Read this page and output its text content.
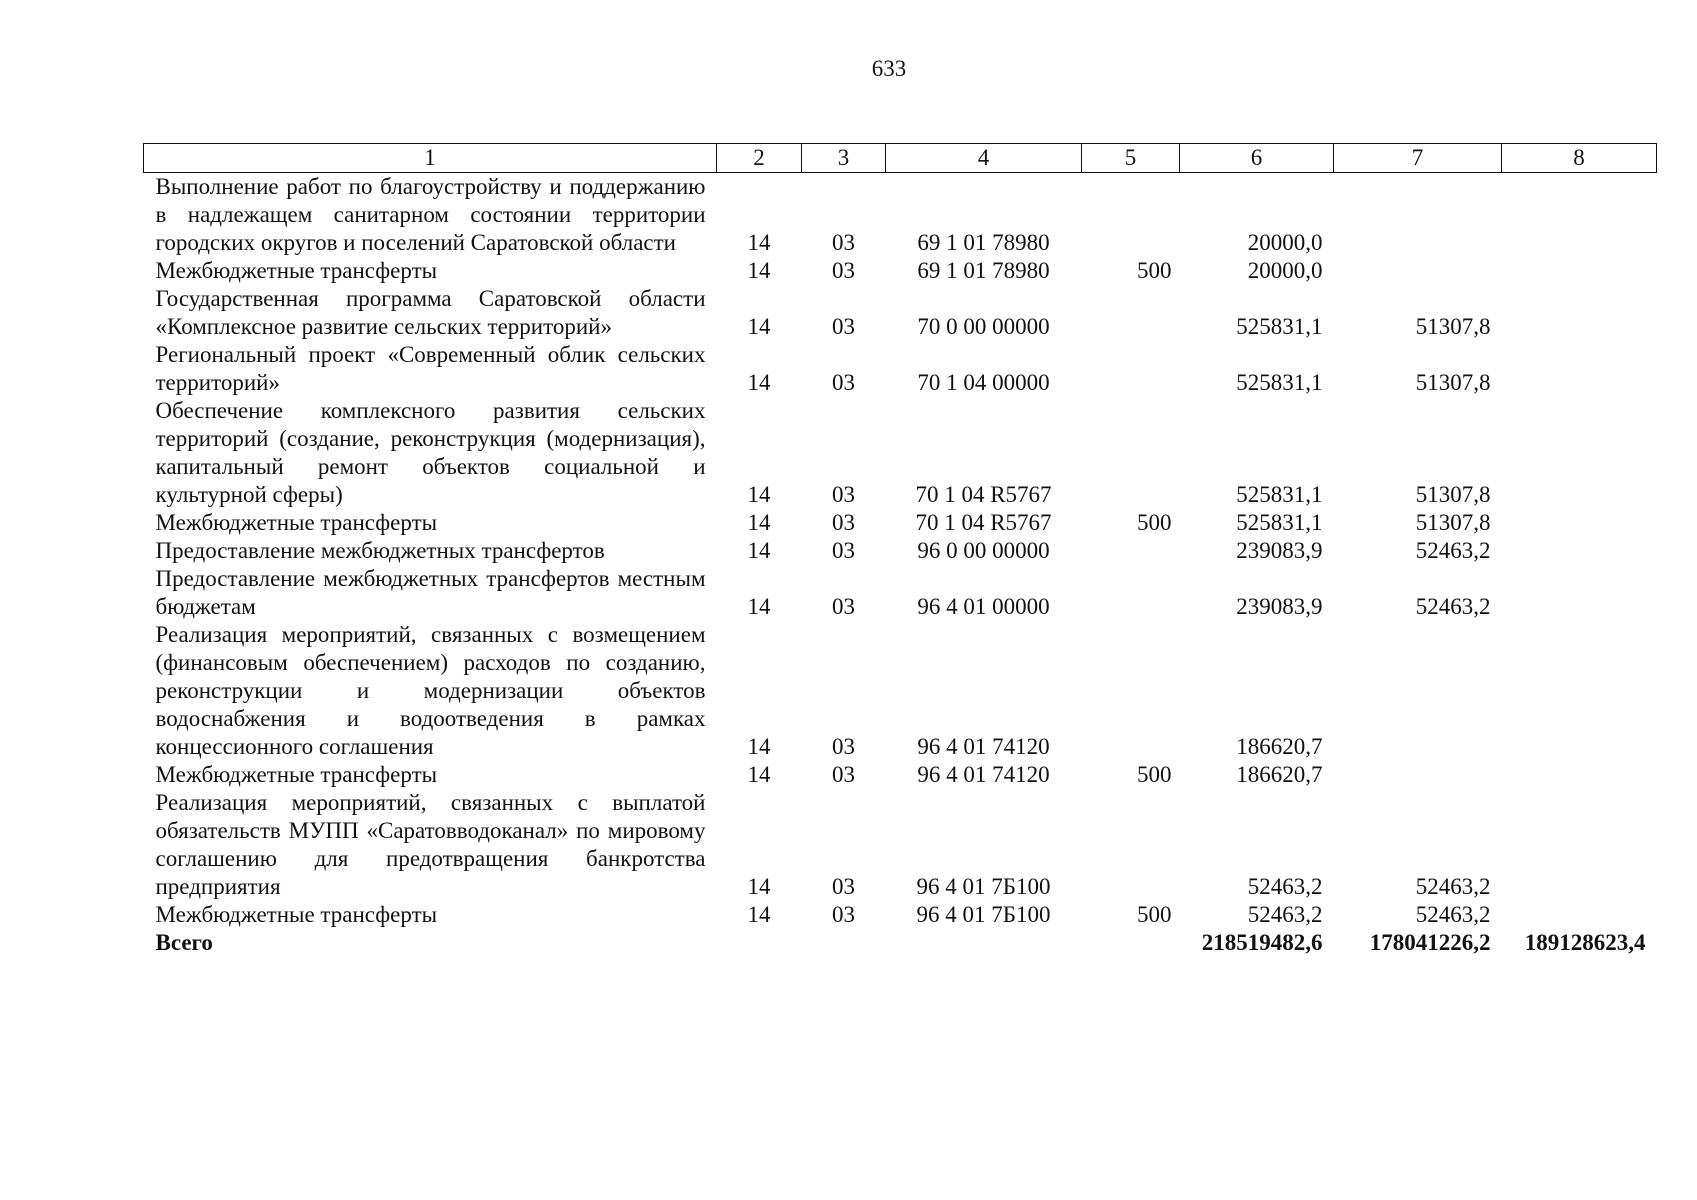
633
1	2	3	4	5	6	7	8
Выполнение работ по благоустройству и поддержанию в надлежащем санитарном состоянии территории городских округов и поселений Саратовской области	14	03	69 1 01 78980		20000,0		
Межбюджетные трансферты	14	03	69 1 01 78980	500	20000,0		
Государственная программа Саратовской области «Комплексное развитие сельских территорий»	14	03	70 0 00 00000		525831,1	51307,8	
Региональный проект «Современный облик сельских территорий»	14	03	70 1 04 00000		525831,1	51307,8	
Обеспечение комплексного развития сельских территорий (создание, реконструкция (модернизация), капитальный ремонт объектов социальной и культурной сферы)	14	03	70 1 04 R5767		525831,1	51307,8	
Межбюджетные трансферты	14	03	70 1 04 R5767	500	525831,1	51307,8	
Предоставление межбюджетных трансфертов	14	03	96 0 00 00000		239083,9	52463,2	
Предоставление межбюджетных трансфертов местным бюджетам	14	03	96 4 01 00000		239083,9	52463,2	
Реализация мероприятий, связанных с возмещением (финансовым обеспечением) расходов по созданию, реконструкции и модернизации объектов водоснабжения и водоотведения в рамках концессионного соглашения	14	03	96 4 01 74120		186620,7		
Межбюджетные трансферты	14	03	96 4 01 74120	500	186620,7		
Реализация мероприятий, связанных с выплатой обязательств МУПП «Саратовводоканал» по мировому соглашению для предотвращения банкротства предприятия	14	03	96 4 01 7Б100		52463,2	52463,2	
Межбюджетные трансферты	14	03	96 4 01 7Б100	500	52463,2	52463,2	
Всего					218519482,6	178041226,2	189128623,4
